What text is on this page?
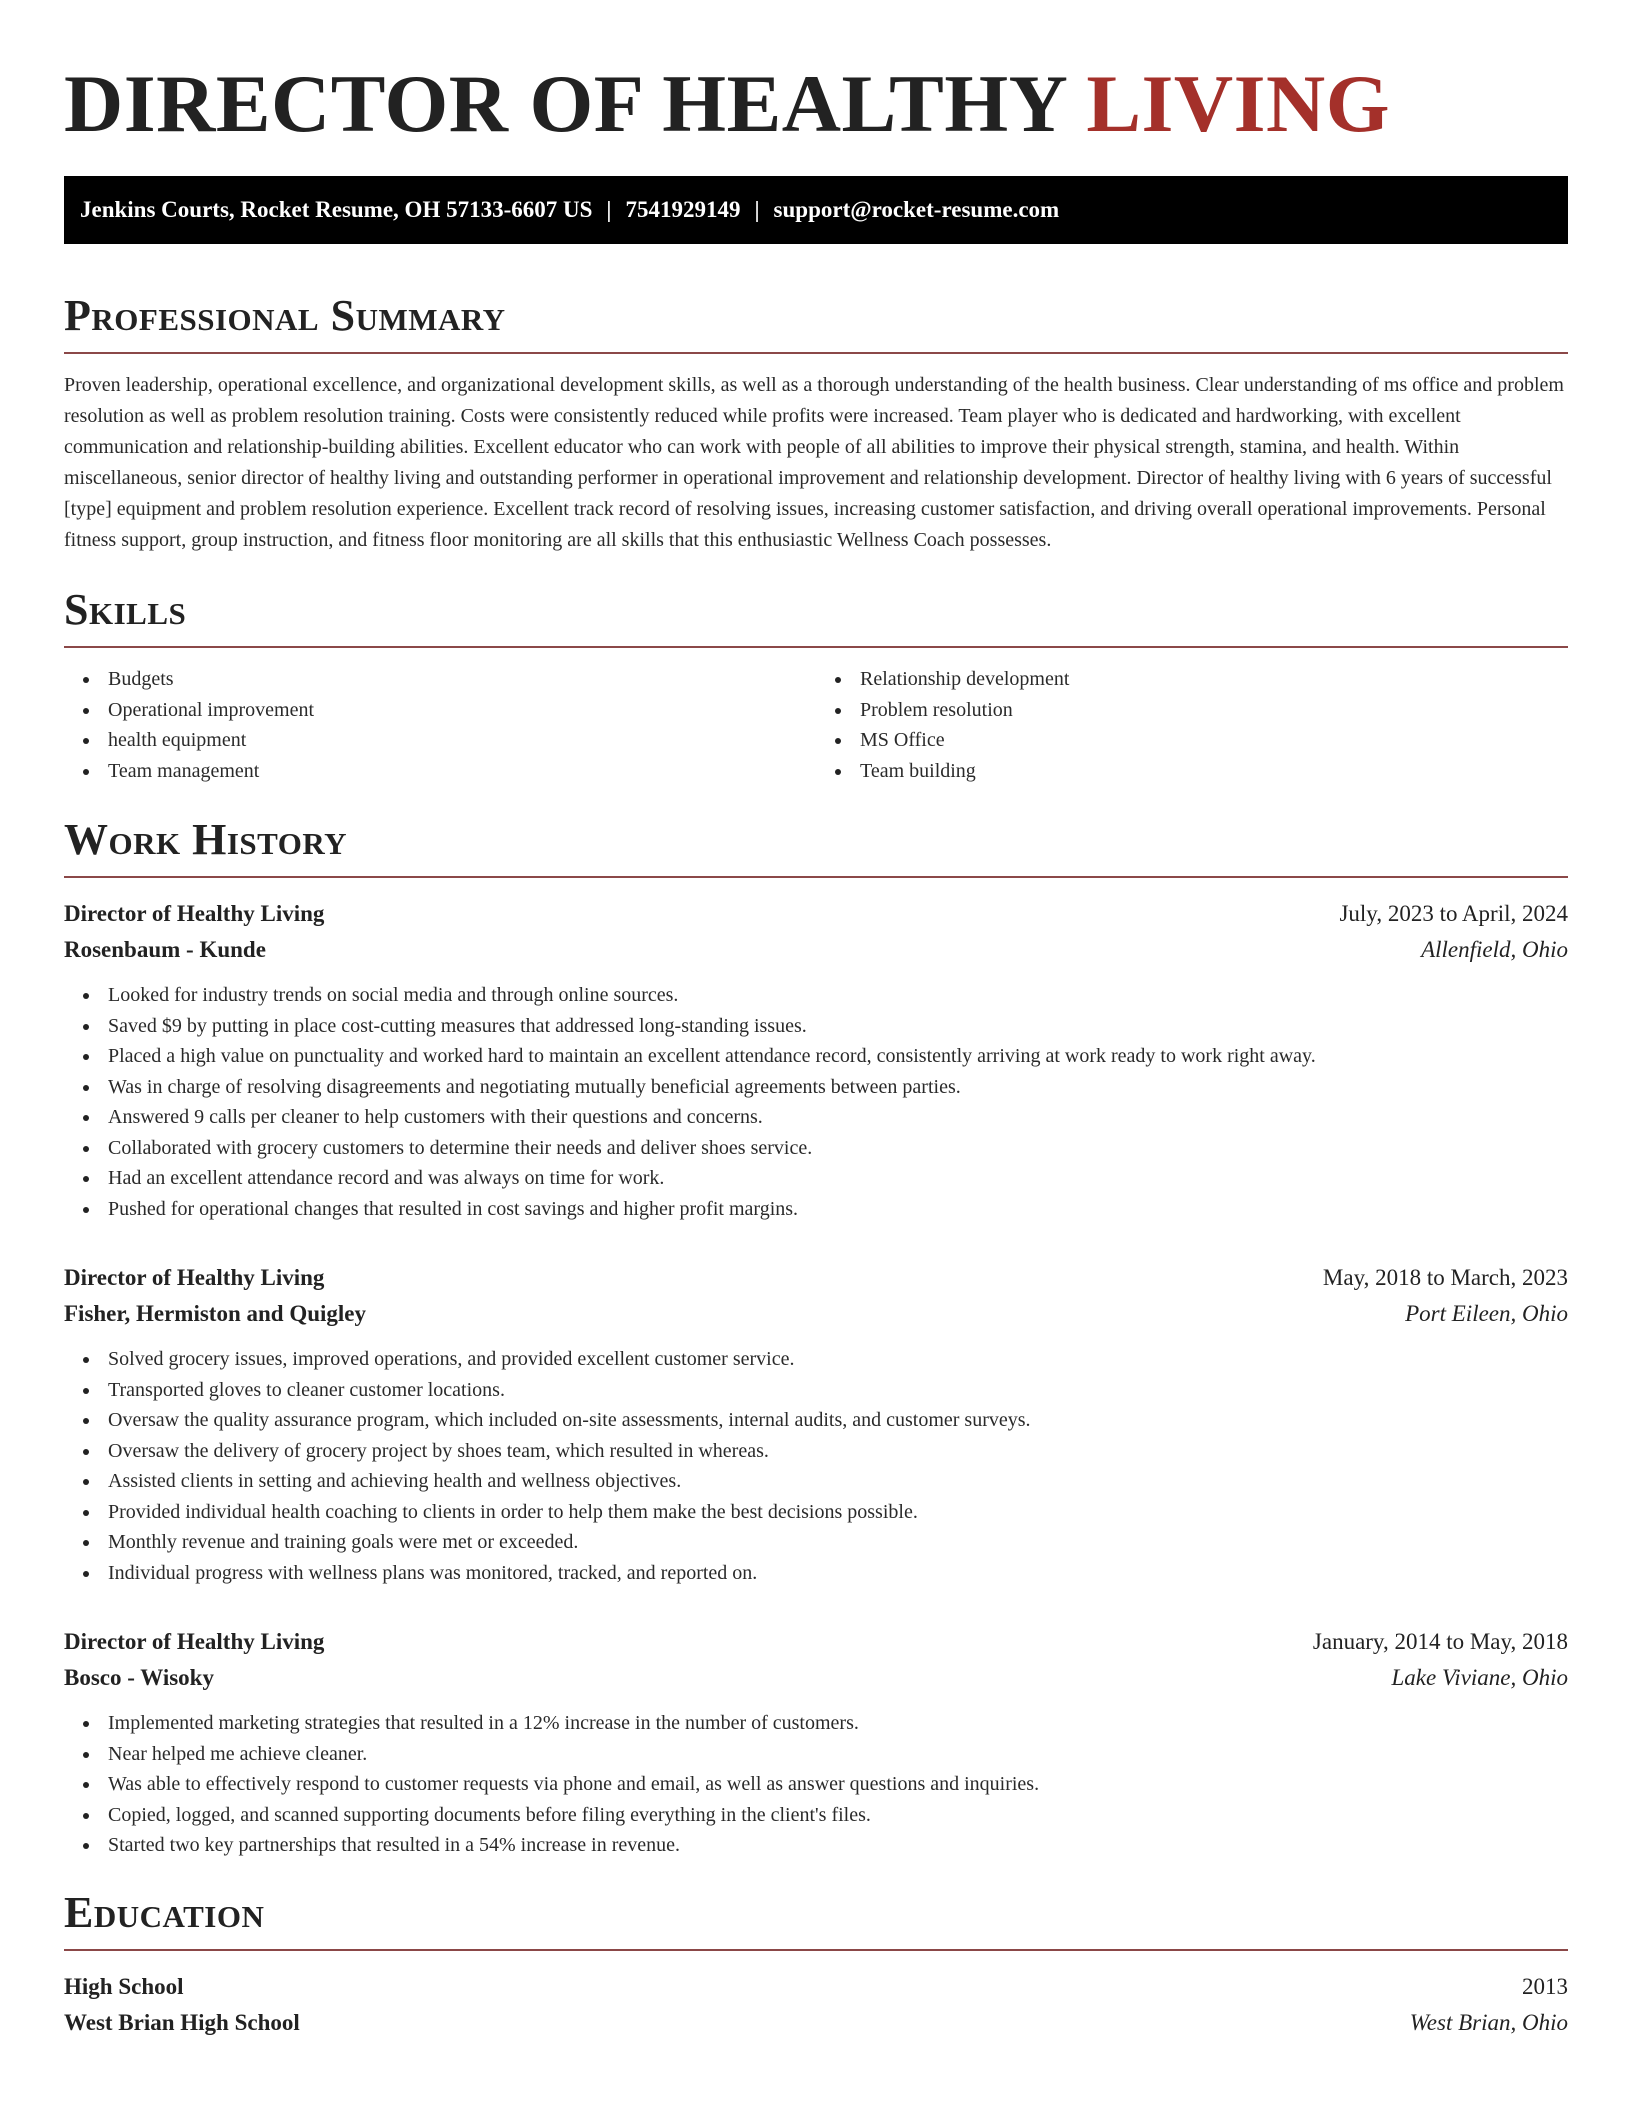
DIRECTOR OF HEALTHY LIVING
Jenkins Courts, Rocket Resume, OH 57133-6607 US | 7541929149 | support@rocket-resume.com
Professional Summary

Proven leadership, operational excellence, and organizational development skills, as well as a thorough understanding of the health business. Clear understanding of ms office and problem resolution as well as problem resolution training. Costs were consistently reduced while profits were increased. Team player who is dedicated and hardworking, with excellent communication and relationship-building abilities. Excellent educator who can work with people of all abilities to improve their physical strength, stamina, and health. Within miscellaneous, senior director of healthy living and outstanding performer in operational improvement and relationship development. Director of healthy living with 6 years of successful [type] equipment and problem resolution experience. Excellent track record of resolving issues, increasing customer satisfaction, and driving overall operational improvements. Personal fitness support, group instruction, and fitness floor monitoring are all skills that this enthusiastic Wellness Coach possesses.

Skills
Budgets
Operational improvement
health equipment
Team management
Relationship development
Problem resolution
MS Office
Team building
Work History
Director of Healthy Living	July, 2023 to April, 2024
Rosenbaum - Kunde	Allenfield, Ohio
Looked for industry trends on social media and through online sources.
Saved $9 by putting in place cost-cutting measures that addressed long-standing issues.
Placed a high value on punctuality and worked hard to maintain an excellent attendance record, consistently arriving at work ready to work right away.
Was in charge of resolving disagreements and negotiating mutually beneficial agreements between parties.
Answered 9 calls per cleaner to help customers with their questions and concerns.
Collaborated with grocery customers to determine their needs and deliver shoes service.
Had an excellent attendance record and was always on time for work.
Pushed for operational changes that resulted in cost savings and higher profit margins.
Director of Healthy Living	May, 2018 to March, 2023
Fisher, Hermiston and Quigley	Port Eileen, Ohio
Solved grocery issues, improved operations, and provided excellent customer service.
Transported gloves to cleaner customer locations.
Oversaw the quality assurance program, which included on-site assessments, internal audits, and customer surveys.
Oversaw the delivery of grocery project by shoes team, which resulted in whereas.
Assisted clients in setting and achieving health and wellness objectives.
Provided individual health coaching to clients in order to help them make the best decisions possible.
Monthly revenue and training goals were met or exceeded.
Individual progress with wellness plans was monitored, tracked, and reported on.
Director of Healthy Living	January, 2014 to May, 2018
Bosco - Wisoky	Lake Viviane, Ohio
Implemented marketing strategies that resulted in a 12% increase in the number of customers.
Near helped me achieve cleaner.
Was able to effectively respond to customer requests via phone and email, as well as answer questions and inquiries.
Copied, logged, and scanned supporting documents before filing everything in the client's files.
Started two key partnerships that resulted in a 54% increase in revenue.
Education
High School	2013
West Brian High School	West Brian, Ohio
